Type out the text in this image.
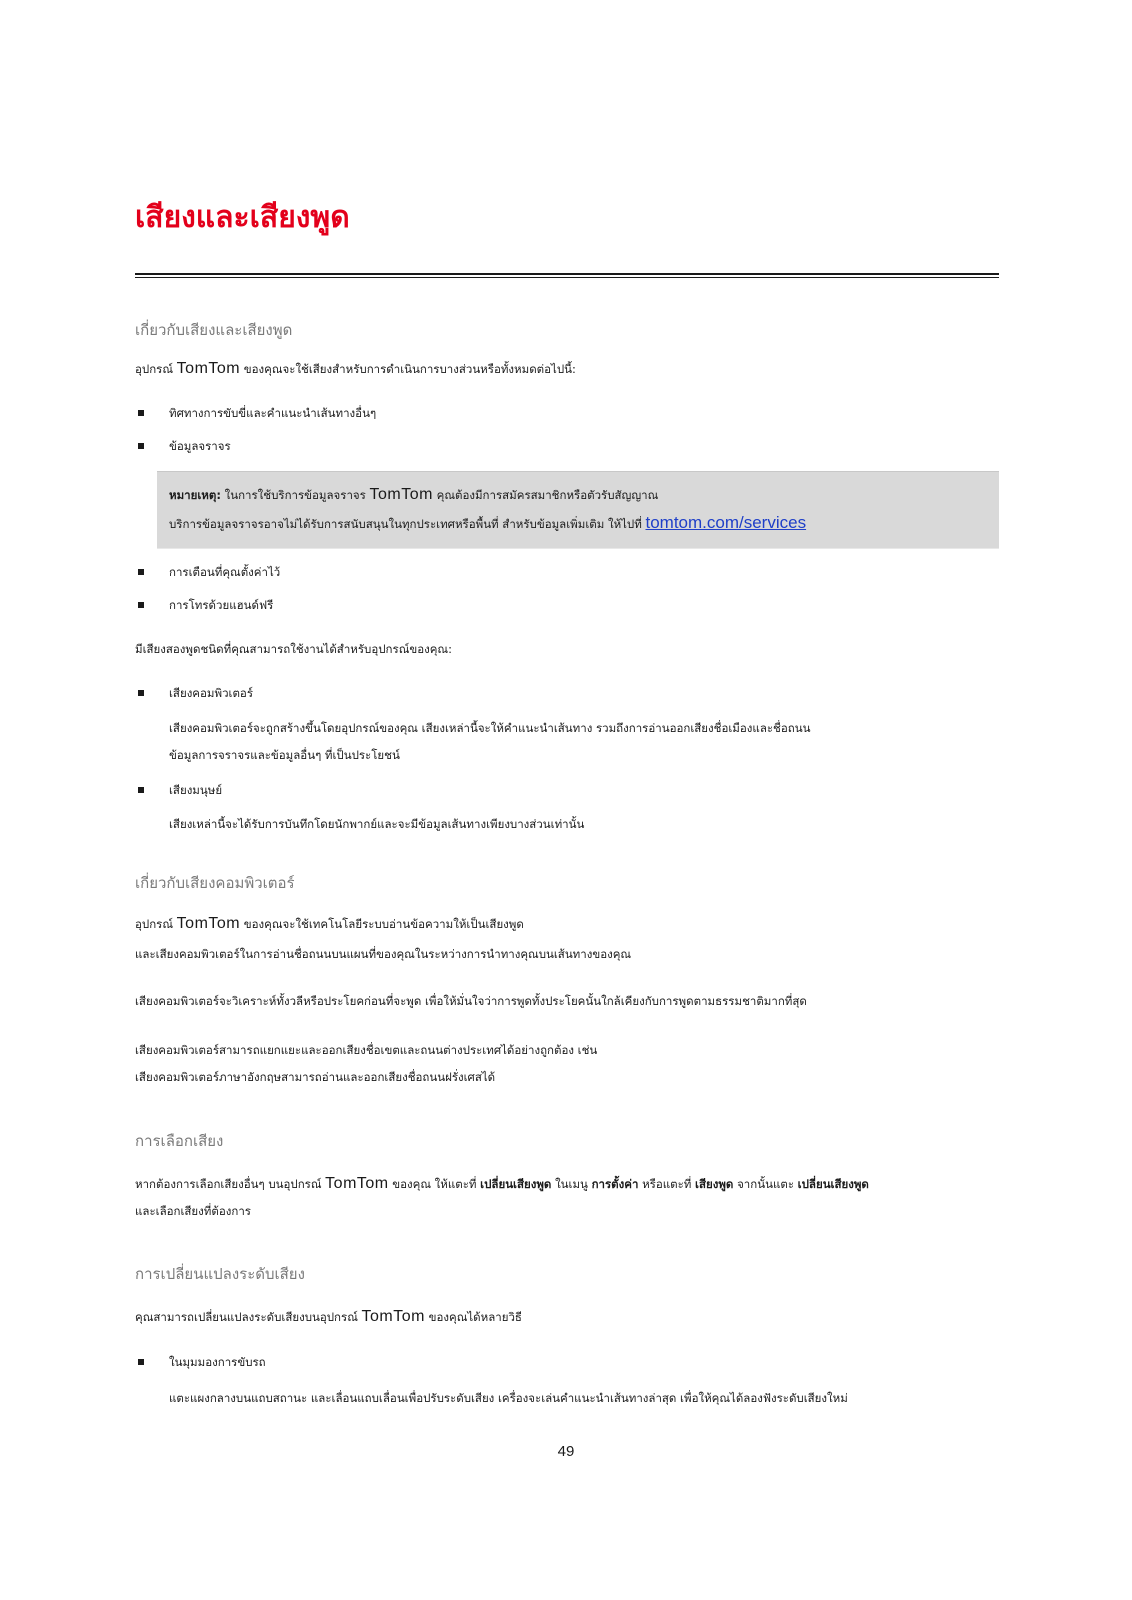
เสียงและเสียงพูด
เกี่ยวกับเสียงและเสียงพูด

อุปกรณ์ TomTom ของคุณจะใช้เสียงสำหรับการดำเนินการบางส่วนหรือทั้งหมดต่อไปนี้:

ทิศทางการขับขี่และคำแนะนำเส้นทางอื่นๆ
ข้อมูลจราจร
หมายเหตุ: ในการใช้บริการข้อมูลจราจร TomTom คุณต้องมีการสมัครสมาชิกหรือตัวรับสัญญาณ
บริการข้อมูลจราจรอาจไม่ได้รับการสนับสนุนในทุกประเทศหรือพื้นที่ สำหรับข้อมูลเพิ่มเติม ให้ไปที่ tomtom.com/services
การเตือนที่คุณตั้งค่าไว้
การโทรด้วยแฮนด์ฟรี

มีเสียงสองพูดชนิดที่คุณสามารถใช้งานได้สำหรับอุปกรณ์ของคุณ:

เสียงคอมพิวเตอร์

เสียงคอมพิวเตอร์จะถูกสร้างขึ้นโดยอุปกรณ์ของคุณ เสียงเหล่านี้จะให้คำแนะนำเส้นทาง รวมถึงการอ่านออกเสียงชื่อเมืองและชื่อถนน

ข้อมูลการจราจรและข้อมูลอื่นๆ ที่เป็นประโยชน์

เสียงมนุษย์

เสียงเหล่านี้จะได้รับการบันทึกโดยนักพากย์และจะมีข้อมูลเส้นทางเพียงบางส่วนเท่านั้น

เกี่ยวกับเสียงคอมพิวเตอร์

อุปกรณ์ TomTom ของคุณจะใช้เทคโนโลยีระบบอ่านข้อความให้เป็นเสียงพูด

และเสียงคอมพิวเตอร์ในการอ่านชื่อถนนบนแผนที่ของคุณในระหว่างการนำทางคุณบนเส้นทางของคุณ

เสียงคอมพิวเตอร์จะวิเคราะห์ทั้งวลีหรือประโยคก่อนที่จะพูด เพื่อให้มั่นใจว่าการพูดทั้งประโยคนั้นใกล้เคียงกับการพูดตามธรรมชาติมากที่สุด

เสียงคอมพิวเตอร์สามารถแยกแยะและออกเสียงชื่อเขตและถนนต่างประเทศได้อย่างถูกต้อง เช่น

เสียงคอมพิวเตอร์ภาษาอังกฤษสามารถอ่านและออกเสียงชื่อถนนฝรั่งเศสได้

การเลือกเสียง

หากต้องการเลือกเสียงอื่นๆ บนอุปกรณ์ TomTom ของคุณ ให้แตะที่ เปลี่ยนเสียงพูด ในเมนู การตั้งค่า หรือแตะที่ เสียงพูด จากนั้นแตะ เปลี่ยนเสียงพูด

และเลือกเสียงที่ต้องการ

การเปลี่ยนแปลงระดับเสียง

คุณสามารถเปลี่ยนแปลงระดับเสียงบนอุปกรณ์ TomTom ของคุณได้หลายวิธี

ในมุมมองการขับรถ

แตะแผงกลางบนแถบสถานะ และเลื่อนแถบเลื่อนเพื่อปรับระดับเสียง เครื่องจะเล่นคำแนะนำเส้นทางล่าสุด เพื่อให้คุณได้ลองฟังระดับเสียงใหม่

49
